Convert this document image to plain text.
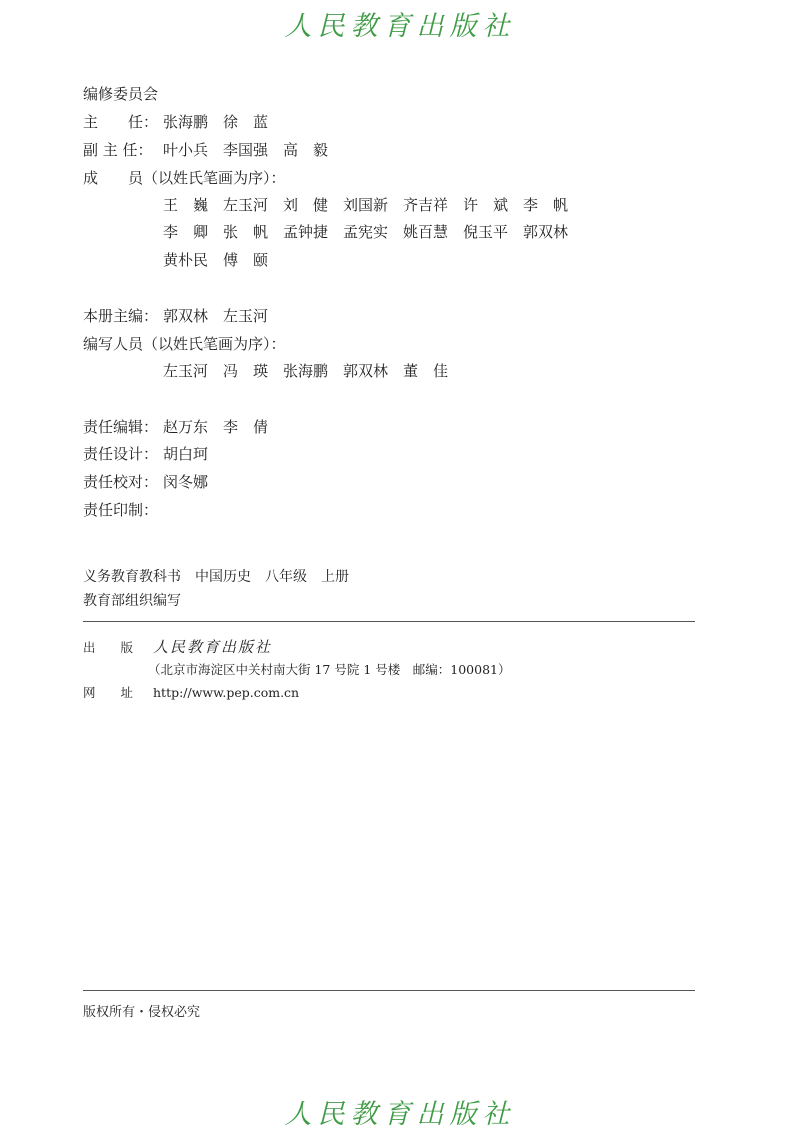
人民教育出版社
编修委员会
主　　任： 张海鹏　徐　蓝
副 主 任： 叶小兵　李国强　高　毅
成　　员（以姓氏笔画为序）：
王　巍　左玉河　刘　健　刘国新　齐吉祥　许　斌　李　帆
李　卿　张　帆　孟钟捷　孟宪实　姚百慧　倪玉平　郭双林
黄朴民　傅　颐
本册主编： 郭双林　左玉河
编写人员（以姓氏笔画为序）：
左玉河　冯　瑛　张海鹏　郭双林　董　佳
责任编辑： 赵万东　李　倩
责任设计： 胡白珂
责任校对： 闵冬娜
责任印制：
义务教育教科书　中国历史　八年级　上册
教育部组织编写
出　　版 人民教育出版社
（北京市海淀区中关村南大街 17 号院 1 号楼　邮编：100081）
网　　址 http://www.pep.com.cn
版权所有・侵权必究
人民教育出版社
